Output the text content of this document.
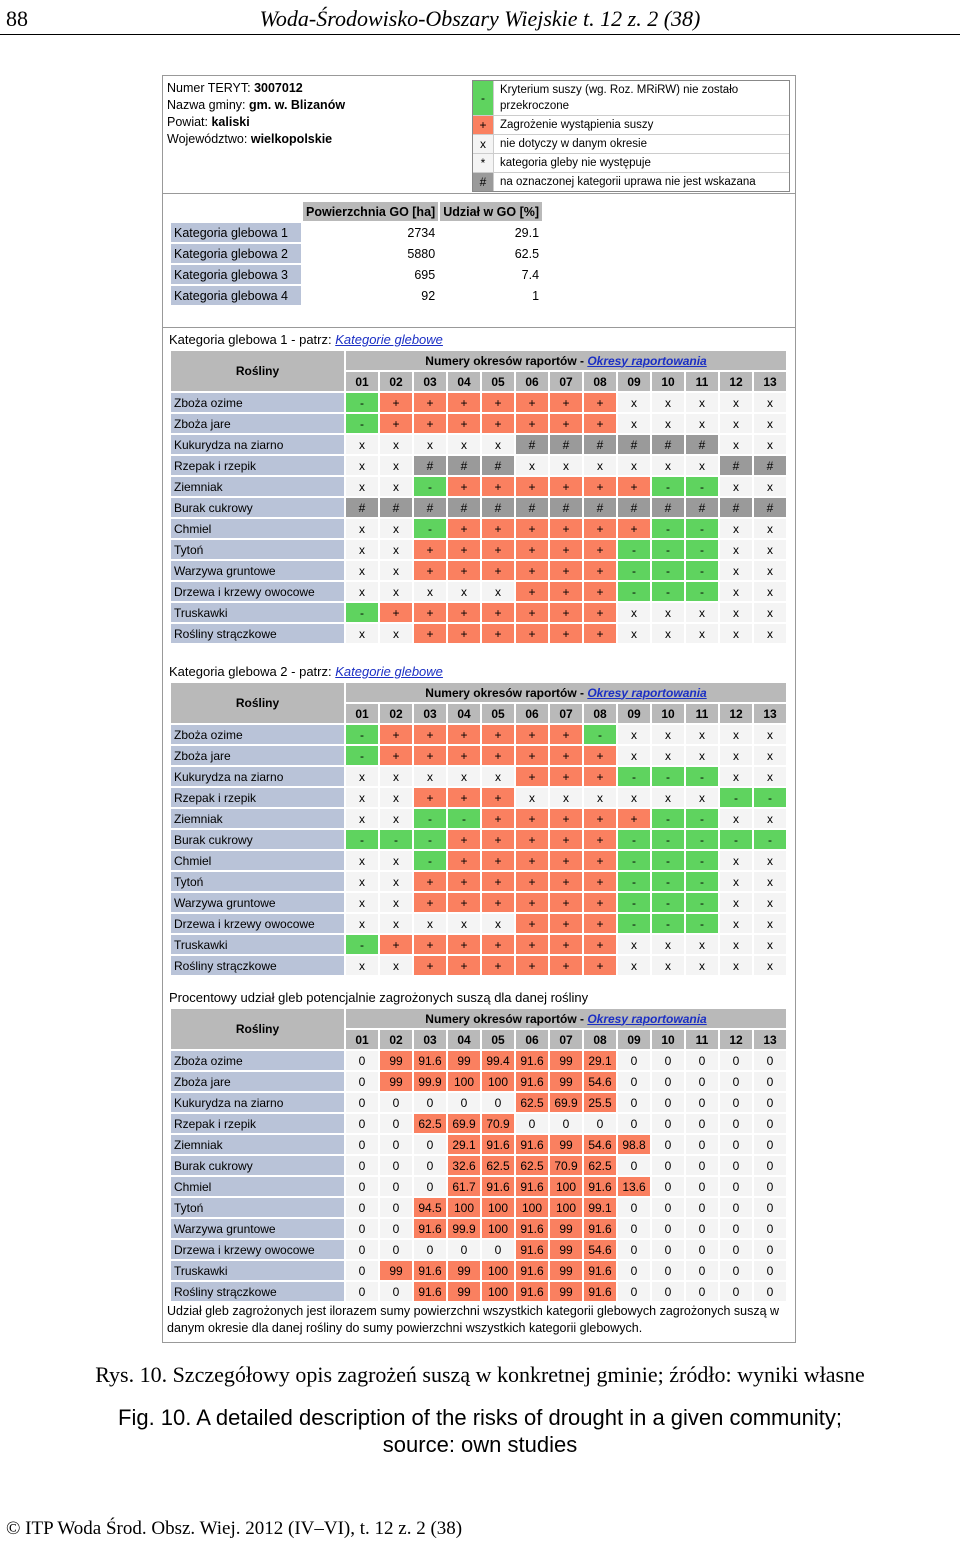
88	Woda-Środowisko-Obszary Wiejskie t. 12 z. 2 (38)
Numer TERYT: 3007012
Nazwa gminy: gm. w. Blizanów
Powiat: kaliski
Województwo: wielkopolskie
-
Kryterium suszy (wg. Roz. MRiRW) nie zostało przekroczone
+	Zagrożenie wystąpienia suszy
x	nie dotyczy w danym okresie
*	kategoria gleby nie występuje
#	na oznaczonej kategorii uprawa nie jest wskazana
	Powierzchnia GO [ha]	Udział w GO [%]
Kategoria glebowa 1	2734	29.1
Kategoria glebowa 2	5880	62.5
Kategoria glebowa 3	695	7.4
Kategoria glebowa 4	92	1
Kategoria glebowa 1 - patrz: Kategorie glebowe
Rośliny	Numery okresów raportów - Okresy raportowania												
	01	02	03	04	05	06	07	08	09	10	11	12	13
Zboża ozime	-	+	+	+	+	+	+	+	x	x	x	x	x
Zboża jare	-	+	+	+	+	+	+	+	x	x	x	x	x
Kukurydza na ziarno	x	x	x	x	x	#	#	#	#	#	#	x	x
Rzepak i rzepik	x	x	#	#	#	x	x	x	x	x	x	#	#
Ziemniak	x	x	-	+	+	+	+	+	+	-	-	x	x
Burak cukrowy	#	#	#	#	#	#	#	#	#	#	#	#	#
Chmiel	x	x	-	+	+	+	+	+	+	-	-	x	x
Tytoń	x	x	+	+	+	+	+	+	-	-	-	x	x
Warzywa gruntowe	x	x	+	+	+	+	+	+	-	-	-	x	x
Drzewa i krzewy owocowe	x	x	x	x	x	+	+	+	-	-	-	x	x
Truskawki	-	+	+	+	+	+	+	+	x	x	x	x	x
Rośliny strączkowe	x	x	+	+	+	+	+	+	x	x	x	x	x
Kategoria glebowa 2 - patrz: Kategorie glebowe
Rośliny	Numery okresów raportów - Okresy raportowania												
	01	02	03	04	05	06	07	08	09	10	11	12	13
Zboża ozime	-	+	+	+	+	+	+	-	x	x	x	x	x
Zboża jare	-	+	+	+	+	+	+	+	x	x	x	x	x
Kukurydza na ziarno	x	x	x	x	x	+	+	+	-	-	-	x	x
Rzepak i rzepik	x	x	+	+	+	x	x	x	x	x	x	-	-
Ziemniak	x	x	-	-	+	+	+	+	+	-	-	x	x
Burak cukrowy	-	-	-	+	+	+	+	+	-	-	-	-	-
Chmiel	x	x	-	+	+	+	+	+	-	-	-	x	x
Tytoń	x	x	+	+	+	+	+	+	-	-	-	x	x
Warzywa gruntowe	x	x	+	+	+	+	+	+	-	-	-	x	x
Drzewa i krzewy owocowe	x	x	x	x	x	+	+	+	-	-	-	x	x
Truskawki	-	+	+	+	+	+	+	+	x	x	x	x	x
Rośliny strączkowe	x	x	+	+	+	+	+	+	x	x	x	x	x
Procentowy udział gleb potencjalnie zagrożonych suszą dla danej rośliny
Rośliny	Numery okresów raportów - Okresy raportowania												
	01	02	03	04	05	06	07	08	09	10	11	12	13
Zboża ozime	0	99	91.6	99	99.4	91.6	99	29.1	0	0	0	0	0
Zboża jare	0	99	99.9	100	100	91.6	99	54.6	0	0	0	0	0
Kukurydza na ziarno	0	0	0	0	0	62.5	69.9	25.5	0	0	0	0	0
Rzepak i rzepik	0	0	62.5	69.9	70.9	0	0	0	0	0	0	0	0
Ziemniak	0	0	0	29.1	91.6	91.6	99	54.6	98.8	0	0	0	0
Burak cukrowy	0	0	0	32.6	62.5	62.5	70.9	62.5	0	0	0	0	0
Chmiel	0	0	0	61.7	91.6	91.6	100	91.6	13.6	0	0	0	0
Tytoń	0	0	94.5	100	100	100	100	99.1	0	0	0	0	0
Warzywa gruntowe	0	0	91.6	99.9	100	91.6	99	91.6	0	0	0	0	0
Drzewa i krzewy owocowe	0	0	0	0	0	91.6	99	54.6	0	0	0	0	0
Truskawki	0	99	91.6	99	100	91.6	99	91.6	0	0	0	0	0
Rośliny strączkowe	0	0	91.6	99	100	91.6	99	91.6	0	0	0	0	0
Udział gleb zagrożonych jest ilorazem sumy powierzchni wszystkich kategorii glebowych zagrożonych suszą w danym okresie dla danej rośliny do sumy powierzchni wszystkich kategorii glebowych.
Rys. 10. Szczegółowy opis zagrożeń suszą w konkretnej gminie; źródło: wyniki własne
Fig. 10. A detailed description of the risks of drought in a given community;
source: own studies
© ITP Woda Środ. Obsz. Wiej. 2012 (IV–VI), t. 12 z. 2 (38)
